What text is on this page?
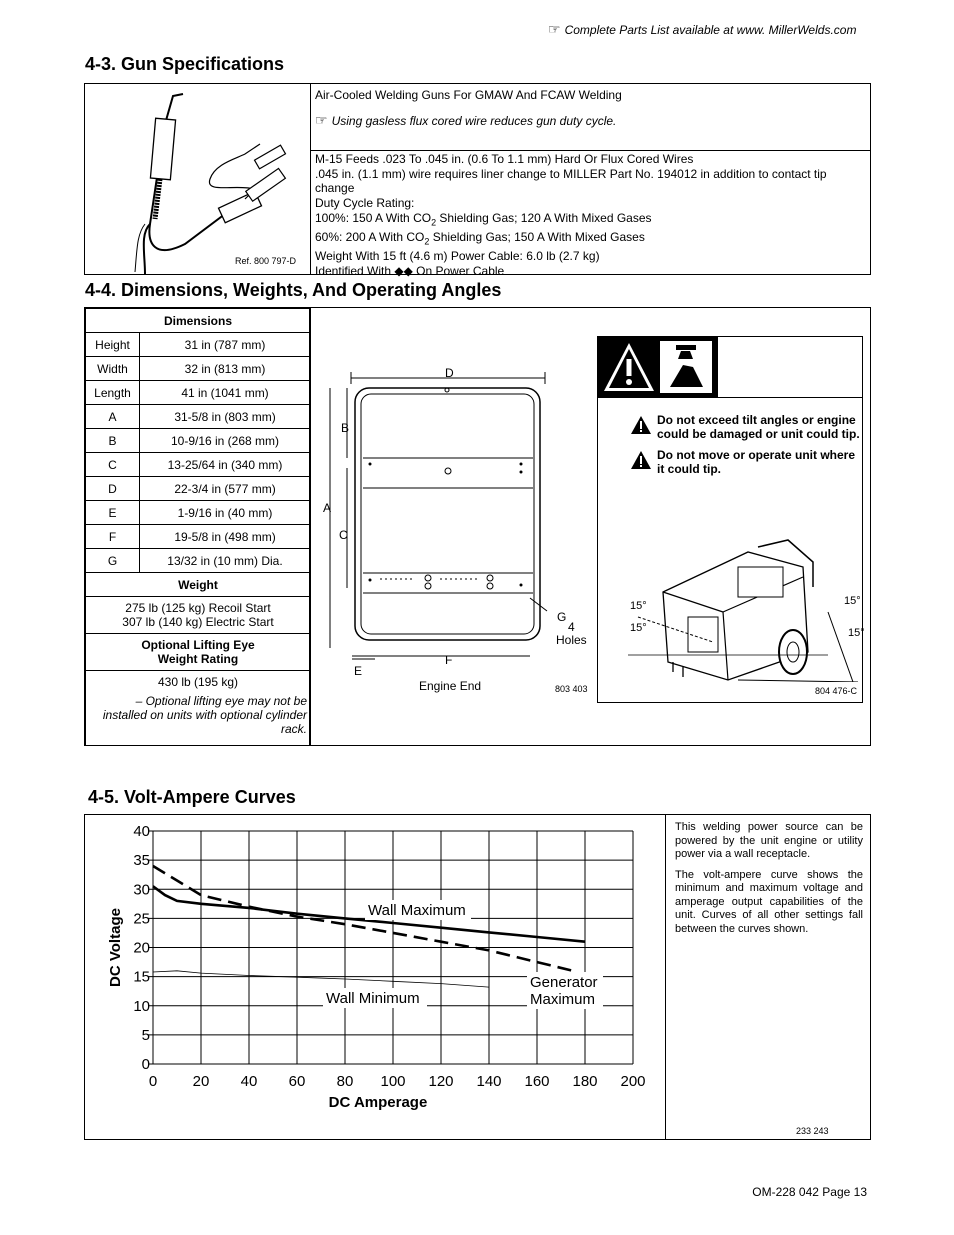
☞ Complete Parts List available at www. MillerWelds.com
4-3. Gun Specifications
Ref. 800 797-D
Air-Cooled Welding Guns For GMAW And FCAW Welding
☞ Using gasless flux cored wire reduces gun duty cycle.
M-15 Feeds .023 To .045 in. (0.6 To 1.1 mm) Hard Or Flux Cored Wires
.045 in. (1.1 mm) wire requires liner change to MILLER Part No. 194012 in addition to contact tip change
Duty Cycle Rating:
100%: 150 A With $CO_2$ Shielding Gas; 120 A With Mixed Gases
60%: 200 A With $CO_2$ Shielding Gas; 150 A With Mixed Gases
Weight With 15 ft (4.6 m) Power Cable: 6.0 lb (2.7 kg)
Identified With ◆◆ On Power Cable
4-4. Dimensions, Weights, And Operating Angles
Dimensions	
Height	31 in (787 mm)
Width	32 in (813 mm)
Length	41 in (1041 mm)
A	31-5/8 in (803 mm)
B	10-9/16 in (268 mm)
C	13-25/64 in (340 mm)
D	22-3/4 in (577 mm)
E	1-9/16 in (40 mm)
F	19-5/8 in (498 mm)
G	13/32 in (10 mm) Dia.
Weight	

275 lb (125 kg) Recoil Start
307 lb (140 kg) Electric Start	

Optional Lifting Eye
Weight Rating	

430 lb (195 kg)
– Optional lifting eye may not be installed on units with optional cylinder rack.	
D
B
A
C
F
E
G
4
Holes
Engine End	803 403
Do not exceed tilt angles or engine could be damaged or unit could tip.
Do not move or operate unit where it could tip.
15°
15°
15°
15°
804 476-C
4-5. Volt-Ampere Curves
0 20 40 60 80 100 120 140 160 180 200
0
5
10
15
20
25
30
35
40
DC Amperage
DC Voltage	Wall Maximum
Wall Minimum
Generator
Maximum
This welding power source can be powered by the unit engine or utility power via a wall receptacle.
The volt-ampere curve shows the minimum and maximum voltage and amperage output capabilities of the unit. Curves of all other settings fall between the curves shown.
233 243
OM-228 042 Page 13
